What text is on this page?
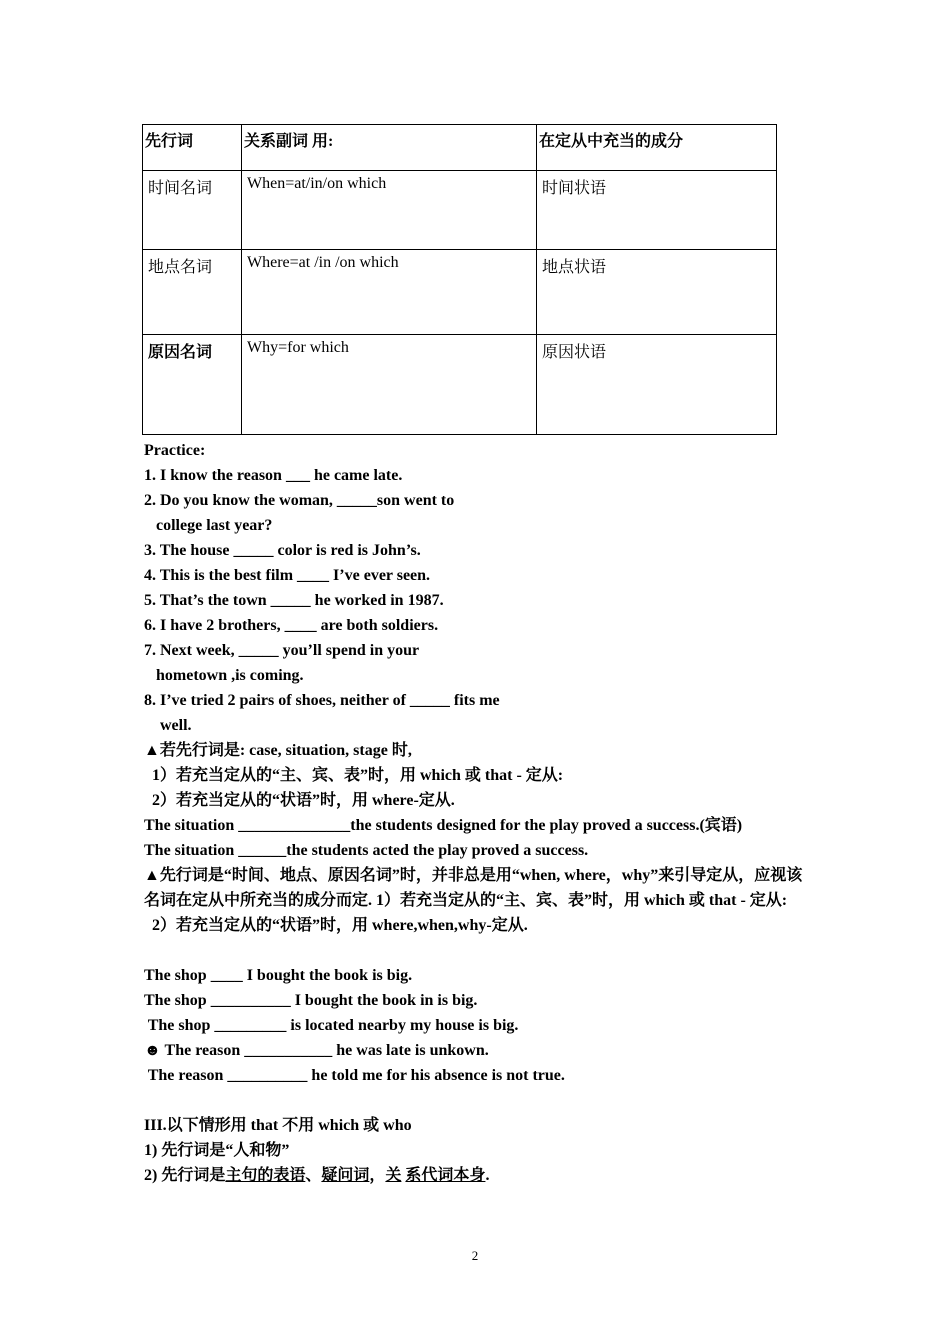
先行词	关系副词 用:	在定从中充当的成分
时间名词	When=at/in/on which	时间状语
地点名词	Where=at /in /on which	地点状语
原因名词	Why=for which	原因状语
Practice:
1. I know the reason ___ he came late.
2. Do you know the woman, _____son went to
college last year?
3. The house _____ color is red is John’s.
4. This is the best film ____ I’ve ever seen.
5. That’s the town _____ he worked in 1987.
6. I have 2 brothers, ____ are both soldiers.
7. Next week, _____ you’ll spend in your
hometown ,is coming.
8. I’ve tried 2 pairs of shoes, neither of _____ fits me
well.
▲若先行词是: case, situation, stage 时,
1）若充当定从的“主、宾、表”时，用 which 或 that - 定从:
2）若充当定从的“状语”时，用 where-定从.
The situation ______________the students designed for the play proved a success.(宾语)
The situation ______the students acted the play proved a success.
▲先行词是“时间、地点、原因名词”时，并非总是用“when, where，why”来引导定从，应视该名词在定从中所充当的成分而定. 1）若充当定从的“主、宾、表”时，用 which 或 that - 定从:
2）若充当定从的“状语”时，用 where,when,why-定从.
The shop ____ I bought the book is big.
The shop __________ I bought the book in is big.
The shop _________ is located nearby my house is big.
☻ The reason ___________ he was late is unkown.
The reason __________ he told me for his absence is not true.
III.以下情形用 that 不用 which 或 who
1) 先行词是“人和物”
2) 先行词是主句的表语、疑问词，关 系代词本身.
2
